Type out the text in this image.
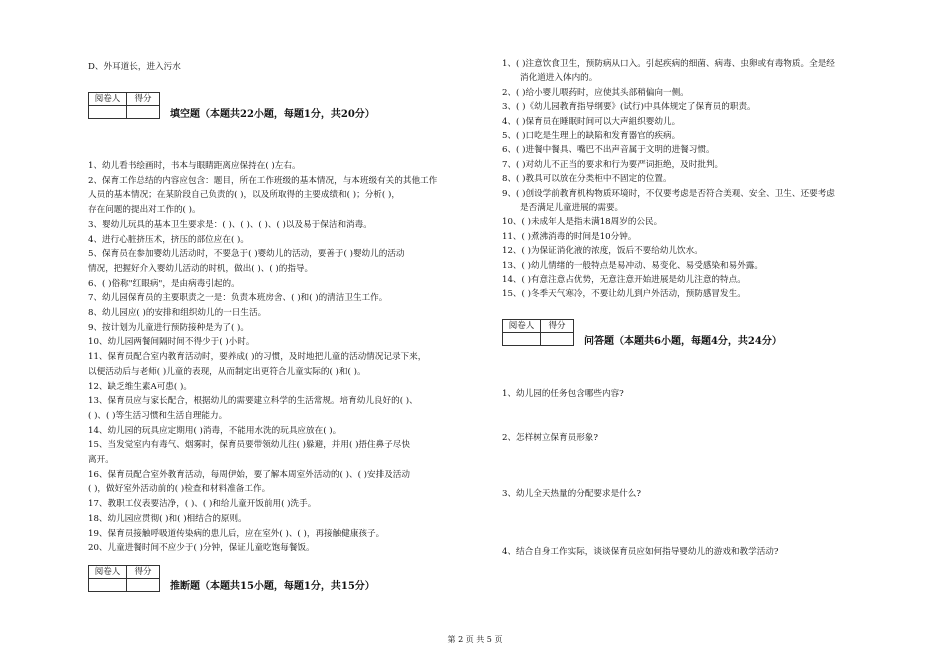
D、外耳道长，进入污水
阅卷人	得分

填空题（本题共22小题，每题1分，共20分）
1、幼儿看书绘画时，书本与眼睛距离应保持在( )左右。
2、保育工作总结的内容应包含：题目，所在工作班级的基本情况，与本班级有关的其他工作
人员的基本情况；在某阶段自己负责的( )，以及所取得的主要成绩和( )；分析( )，
存在问题的提出对工作的( )。
3、婴幼儿玩具的基本卫生要求是：( )、( )、( )、( )以及易于保洁和消毒。
4、进行心脏挤压术，挤压的部位应在( )。
5、保育员在参加婴幼儿活动时，不要急于( )婴幼儿的活动，要善于( )婴幼儿的活动
情况，把握好介入婴幼儿活动的时机，做出( )、( )的指导。
6、( )俗称"红眼病"，是由病毒引起的。
7、幼儿园保育员的主要职责之一是：负责本班房舍、( )和( )的清洁卫生工作。
8、幼儿园应( )的安排和组织幼儿的一日生活。
9、按计划为儿童进行预防接种是为了( )。
10、幼儿园两餐间隔时间不得少于( )小时。
11、保育员配合室内教育活动时，要养成( )的习惯，及时地把儿童的活动情况记录下来，
以便活动后与老师( )儿童的表现，从而制定出更符合儿童实际的( )和( )。
12、缺乏维生素A可患( )。
13、保育员应与家长配合，根据幼儿的需要建立科学的生活常规。培育幼儿良好的( )、
( )、( )等生活习惯和生活自理能力。
14、幼儿园的玩具应定期用( )消毒，不能用水洗的玩具应放在( )。
15、当发觉室内有毒气、烟雾时，保育员要带领幼儿往( )躲避，并用( )捂住鼻子尽快
离开。
16、保育员配合室外教育活动，每周伊始，要了解本周室外活动的( )、( )安排及活动
( )，做好室外活动前的( )检查和材料准备工作。
17、教职工仪表要洁净，( )、( )和给儿童开饭前用( )洗手。
18、幼儿园应贯彻( )和( )相结合的原则。
19、保育员接触呼吸道传染病的患儿后，应在室外( )、( )，再接触健康孩子。
20、儿童进餐时间不应少于( )分钟，保证儿童吃饱每餐饭。
阅卷人	得分

推断题（本题共15小题，每题1分，共15分）
1、( )注意饮食卫生，预防病从口入。引起疾病的细菌、病毒、虫卵或有毒物质。全是经
消化道进入体内的。
2、( )给小婴儿喂药时，应使其头部稍偏向一侧。
3、( )《幼儿园教育指导纲要》(试行)中具体规定了保育员的职责。
4、( )保育员在睡眠时间可以大声組织婴幼儿。
5、( )口吃是生理上的缺陷和发育器官的疾病。
6、( )进餐中餐具、嘴巴不出声音属于文明的进餐习惯。
7、( )对幼儿不正当的要求和行为要严词拒绝，及时批判。
8、( )教具可以放在分类柜中不固定的位置。
9、( )创设学前教育机构物质环境时，不仅要考虑是否符合美观、安全、卫生、还要考虑
是否满足儿童进展的需要。
10、( )未成年人是指未满18周岁的公民。
11、( )煮沸消毒的时间是10分钟。
12、( )为保证消化液的浓度，饭后不要给幼儿饮水。
13、( )幼儿情绪的一般特点是易冲动、易变化、易受感染和易外露。
14、( )有意注意占优势，无意注意开始进展是幼儿注意的特点。
15、( )冬季天气寒冷，不要让幼儿到户外活动，预防感冒发生。
阅卷人	得分

问答题（本题共6小题，每题4分，共24分）
1、幼儿园的任务包含哪些内容?
2、怎样树立保育员形象?
3、幼儿全天热量的分配要求是什么?
4、结合自身工作实际，谈谈保育员应如何指导婴幼儿的游戏和教学活动?
第 2 页 共 5 页
